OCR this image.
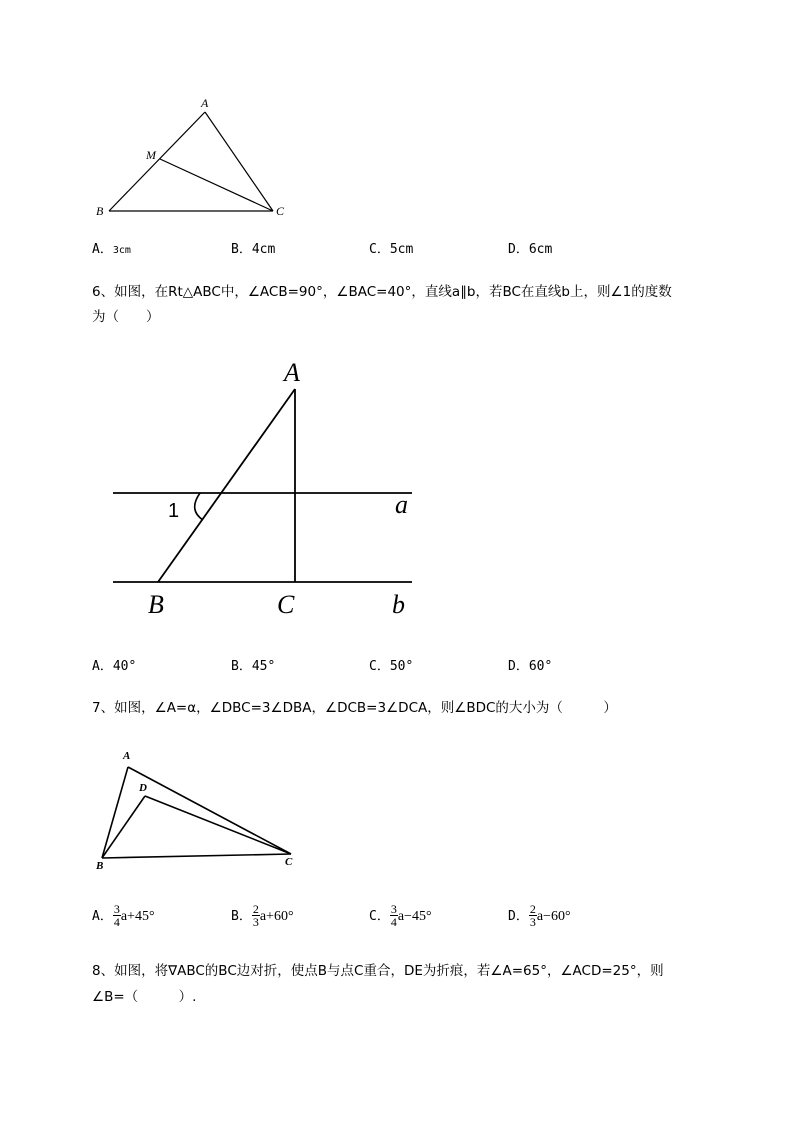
A
M
B	C
A．3cm	B．4cm	C．5cm	D．6cm
6、如图，在Rt△ABC中，∠ACB=90°，∠BAC=40°，直线a∥b，若BC在直线b上，则∠1的度数
为（　　）
A
B	C
a
b
1
A．40°	B．45°	C．50°	D．60°
7、如图，∠A=α，∠DBC=3∠DBA，∠DCB=3∠DCA，则∠BDC的大小为（　　　）
A
D
B	C
A． $\frac{3}{4} a+45^\circ$	B． $\frac{2}{3} a+60^\circ$	C． $\frac{3}{4} a-45^\circ$	D． $\frac{2}{3} a-60^\circ$
8、如图，将∇ABC的BC边对折，使点B与点C重合，DE为折痕，若∠A=65°，∠ACD=25°，则
∠B=（　　　）.
